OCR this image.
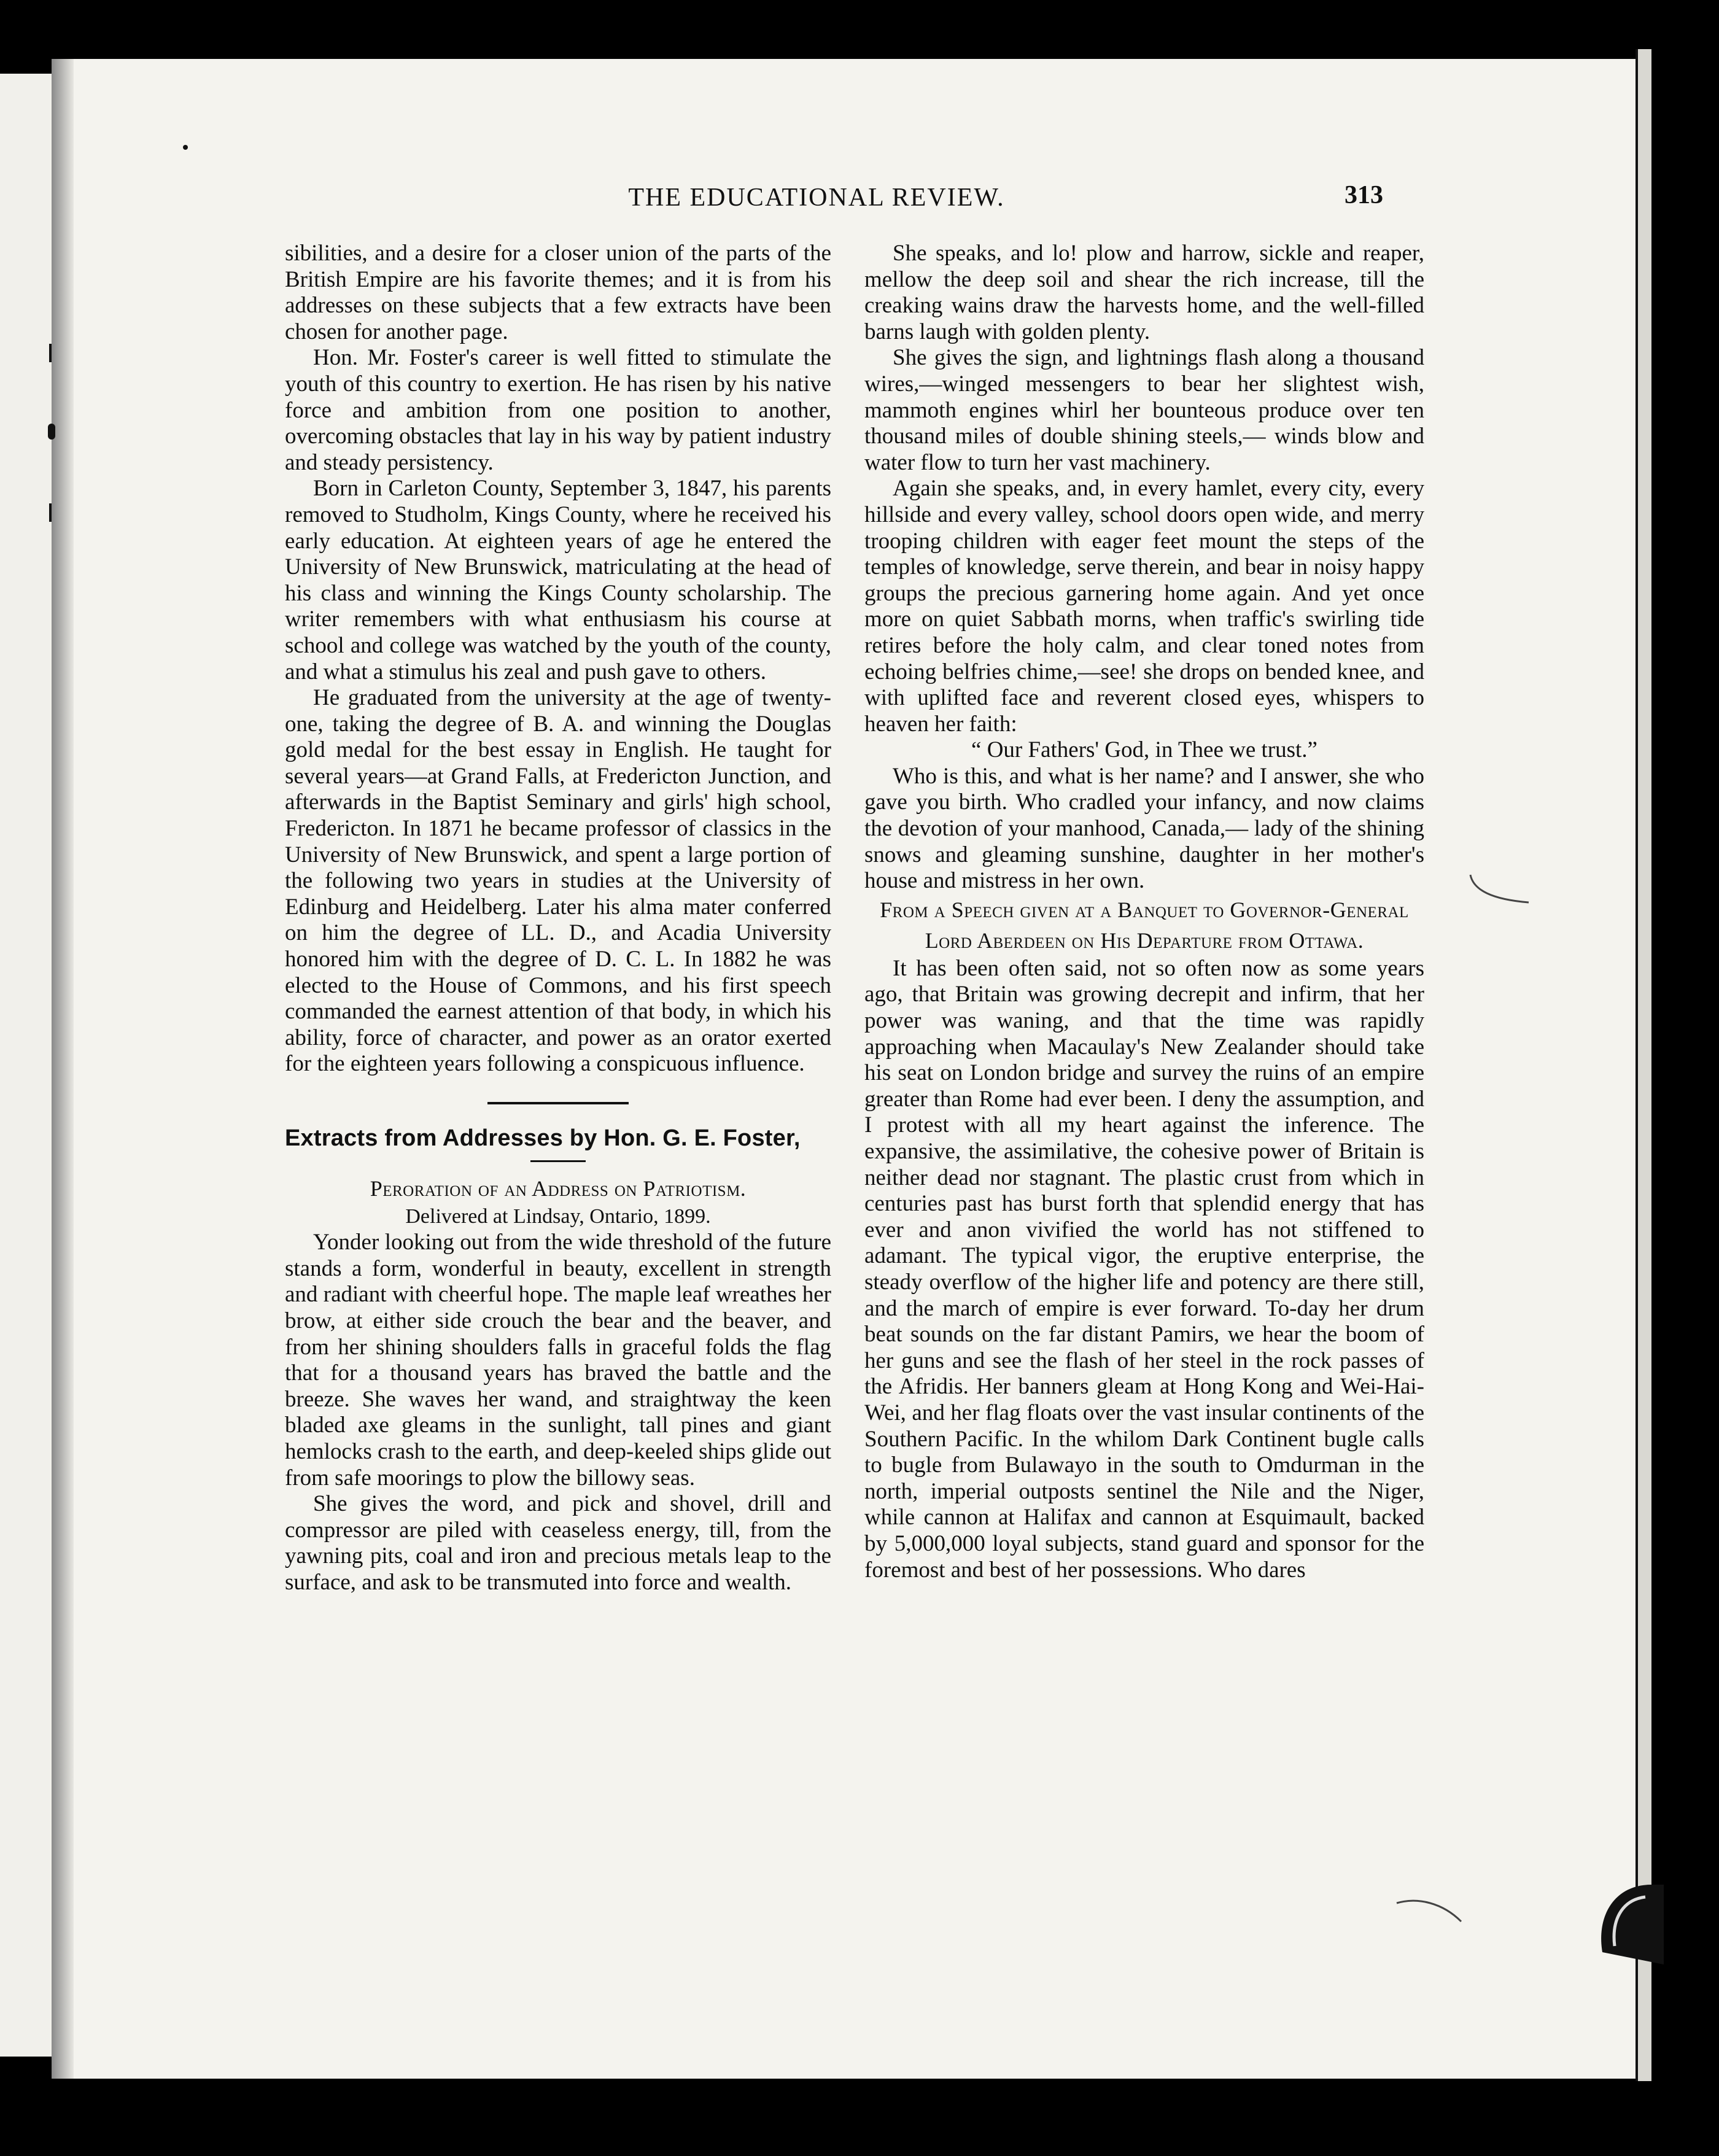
THE EDUCATIONAL REVIEW.	313

sibilities, and a desire for a closer union of the parts of the British Empire are his favorite themes; and it is from his addresses on these subjects that a few extracts have been chosen for another page.

Hon. Mr. Foster's career is well fitted to stimulate the youth of this country to exertion. He has risen by his native force and ambition from one position to another, overcoming obstacles that lay in his way by patient industry and steady persistency.

Born in Carleton County, September 3, 1847, his parents removed to Studholm, Kings County, where he received his early education. At eighteen years of age he entered the University of New Brunswick, matriculating at the head of his class and winning the Kings County scholarship. The writer remembers with what enthusiasm his course at school and college was watched by the youth of the county, and what a stimulus his zeal and push gave to others.

He graduated from the university at the age of twenty-one, taking the degree of B. A. and winning the Douglas gold medal for the best essay in English. He taught for several years—at Grand Falls, at Fredericton Junction, and afterwards in the Baptist Seminary and girls' high school, Fredericton. In 1871 he became professor of classics in the University of New Brunswick, and spent a large portion of the following two years in studies at the University of Edinburg and Heidelberg. Later his alma mater conferred on him the degree of LL. D., and Acadia University honored him with the degree of D. C. L. In 1882 he was elected to the House of Commons, and his first speech commanded the earnest attention of that body, in which his ability, force of character, and power as an orator exerted for the eighteen years following a conspicuous influence.

Extracts from Addresses by Hon. G. E. Foster,

Peroration of an Address on Patriotism.

Delivered at Lindsay, Ontario, 1899.

Yonder looking out from the wide threshold of the future stands a form, wonderful in beauty, excellent in strength and radiant with cheerful hope. The maple leaf wreathes her brow, at either side crouch the bear and the beaver, and from her shining shoulders falls in graceful folds the flag that for a thousand years has braved the battle and the breeze. She waves her wand, and straightway the keen bladed axe gleams in the sunlight, tall pines and giant hemlocks crash to the earth, and deep-keeled ships glide out from safe moorings to plow the billowy seas.

She gives the word, and pick and shovel, drill and compressor are piled with ceaseless energy, till, from the yawning pits, coal and iron and precious metals leap to the surface, and ask to be transmuted into force and wealth.

She speaks, and lo! plow and harrow, sickle and reaper, mellow the deep soil and shear the rich increase, till the creaking wains draw the harvests home, and the well-filled barns laugh with golden plenty.

She gives the sign, and lightnings flash along a thousand wires,—winged messengers to bear her slightest wish, mammoth engines whirl her bounteous produce over ten thousand miles of double shining steels,— winds blow and water flow to turn her vast machinery.

Again she speaks, and, in every hamlet, every city, every hillside and every valley, school doors open wide, and merry trooping children with eager feet mount the steps of the temples of knowledge, serve therein, and bear in noisy happy groups the precious garnering home again. And yet once more on quiet Sabbath morns, when traffic's swirling tide retires before the holy calm, and clear toned notes from echoing belfries chime,—see! she drops on bended knee, and with uplifted face and reverent closed eyes, whispers to heaven her faith:

“ Our Fathers' God, in Thee we trust.”

Who is this, and what is her name? and I answer, she who gave you birth. Who cradled your infancy, and now claims the devotion of your manhood, Canada,— lady of the shining snows and gleaming sunshine, daughter in her mother's house and mistress in her own.

From a Speech given at a Banquet to Governor-General Lord Aberdeen on His Departure from Ottawa.

It has been often said, not so often now as some years ago, that Britain was growing decrepit and infirm, that her power was waning, and that the time was rapidly approaching when Macaulay's New Zealander should take his seat on London bridge and survey the ruins of an empire greater than Rome had ever been. I deny the assumption, and I protest with all my heart against the inference. The expansive, the assimilative, the cohesive power of Britain is neither dead nor stagnant. The plastic crust from which in centuries past has burst forth that splendid energy that has ever and anon vivified the world has not stiffened to adamant. The typical vigor, the eruptive enterprise, the steady overflow of the higher life and potency are there still, and the march of empire is ever forward. To-day her drum beat sounds on the far distant Pamirs, we hear the boom of her guns and see the flash of her steel in the rock passes of the Afridis. Her banners gleam at Hong Kong and Wei-Hai-Wei, and her flag floats over the vast insular continents of the Southern Pacific. In the whilom Dark Continent bugle calls to bugle from Bulawayo in the south to Omdurman in the north, imperial outposts sentinel the Nile and the Niger, while cannon at Halifax and cannon at Esquimault, backed by 5,000,000 loyal subjects, stand guard and sponsor for the foremost and best of her possessions. Who dares
